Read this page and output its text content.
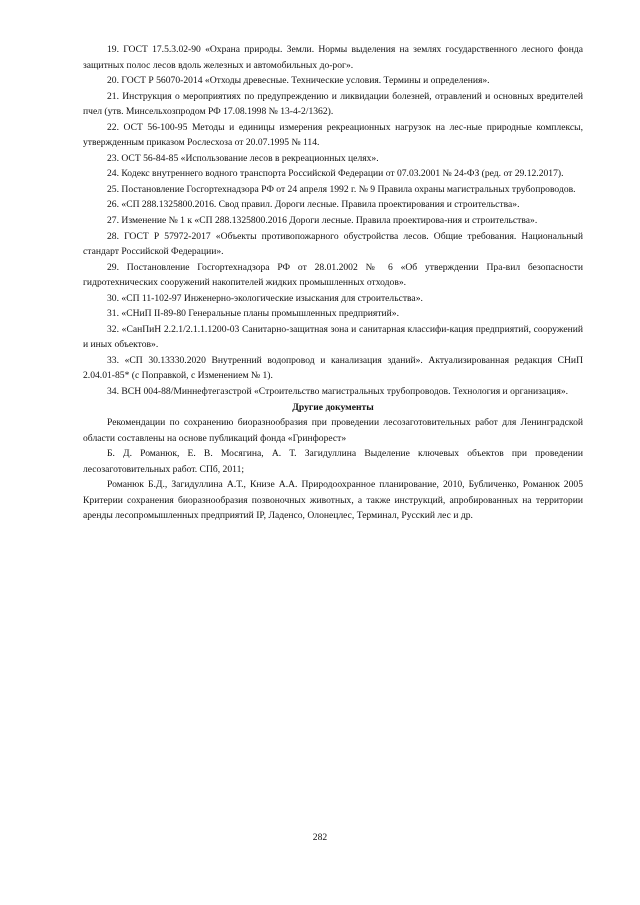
19. ГОСТ 17.5.3.02-90 «Охрана природы. Земли. Нормы выделения на землях государственного лесного фонда защитных полос лесов вдоль железных и автомобильных до-рог».

20. ГОСТ Р 56070-2014 «Отходы древесные. Технические условия. Термины и определения».

21. Инструкция о мероприятиях по предупреждению и ликвидации болезней, отравлений и основных вредителей пчел (утв. Минсельхозпродом РФ 17.08.1998 № 13-4-2/1362).

22. ОСТ 56-100-95 Методы и единицы измерения рекреационных нагрузок на лес-ные природные комплексы, утвержденным приказом Рослесхоза от 20.07.1995 № 114.

23. ОСТ 56-84-85 «Использование лесов в рекреационных целях».

24. Кодекс внутреннего водного транспорта Российской Федерации от 07.03.2001 № 24-ФЗ (ред. от 29.12.2017).

25. Постановление Госгортехнадзора РФ от 24 апреля 1992 г. № 9 Правила охраны магистральных трубопроводов.

26. «СП 288.1325800.2016. Свод правил. Дороги лесные. Правила проектирования и строительства».

27. Изменение № 1 к «СП 288.1325800.2016 Дороги лесные. Правила проектирова-ния и строительства».

28. ГОСТ Р 57972-2017 «Объекты противопожарного обустройства лесов. Общие требования. Национальный стандарт Российской Федерации».

29. Постановление Госгортехнадзора РФ от 28.01.2002 № 6 «Об утверждении Пра-вил безопасности гидротехнических сооружений накопителей жидких промышленных отходов».

30. «СП 11-102-97 Инженерно-экологические изыскания для строительства».

31. «СНиП II-89-80 Генеральные планы промышленных предприятий».

32. «СанПиН 2.2.1/2.1.1.1200-03 Санитарно-защитная зона и санитарная классифи-кация предприятий, сооружений и иных объектов».

33. «СП 30.13330.2020 Внутренний водопровод и канализация зданий». Актуализированная редакция СНиП 2.04.01-85* (с Поправкой, с Изменением № 1).

34. ВСН 004-88/Миннефтегазстрой «Строительство магистральных трубопроводов. Технология и организация».

Другие документы

Рекомендации по сохранению биоразнообразия при проведении лесозаготовительных работ для Ленинградской области составлены на основе публикаций фонда «Гринфорест»

Б. Д. Романюк, Е. В. Мосягина, А. Т. Загидуллина Выделение ключевых объектов при проведении лесозаготовительных работ. СПб, 2011;

Романюк Б.Д., Загидуллина А.Т., Книзе А.А. Природоохранное планирование, 2010, Бубличенко, Романюк 2005 Критерии сохранения биоразнообразия позвоночных животных, а также инструкций, апробированных на территории аренды лесопромышленных предприятий IP, Ладенсо, Олонецлес, Терминал, Русский лес и др.

282
